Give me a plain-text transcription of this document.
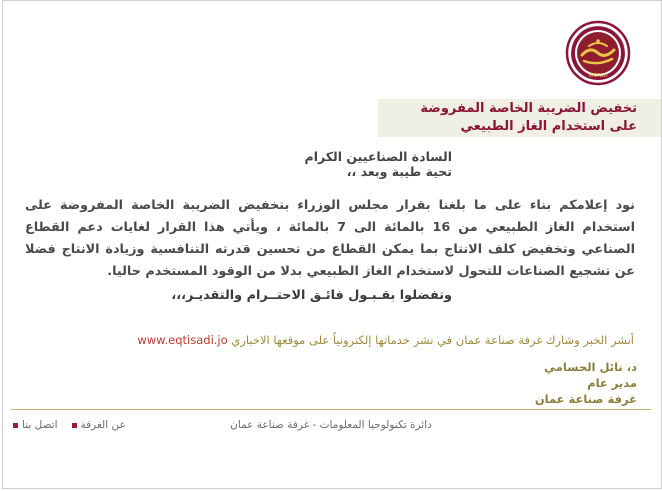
WORLD
تخفيض الضريبة الخاصة المفروضة
على استخدام الغاز الطبيعي
السادة الصناعيين الكرام
تحية طيبة وبعد ،،
نود إعلامكم بناء على ما بلغنا بقرار مجلس الوزراء بتخفيض الضريبة الخاصة المفروضة على استخدام الغاز الطبيعي من 16 بالمائة الى 7 بالمائة ، ويأتي هذا القرار لغايات دعم القطاع الصناعي وتخفيض كلف الانتاج بما يمكن القطاع من تحسين قدرته التنافسية وزيادة الانتاج فضلا عن تشجيع الصناعات للتحول لاستخدام الغاز الطبيعي بدلا من الوقود المستخدم حاليا.
وتفضلوا بقـبـول فائـق الاحتــرام والتقديـر،،،
أنشر الخبر وشارك غرفة صناعة عمان في نشر خدماتها إلكترونياً على موقعها الاخباري www.eqtisadi.jo
د، نائل الحسامي
مدير عام
غرفة صناعة عمان
دائرة تكنولوجيا المعلومات - غرفة صناعة عمان
اتصل بنا عن الغرفة
